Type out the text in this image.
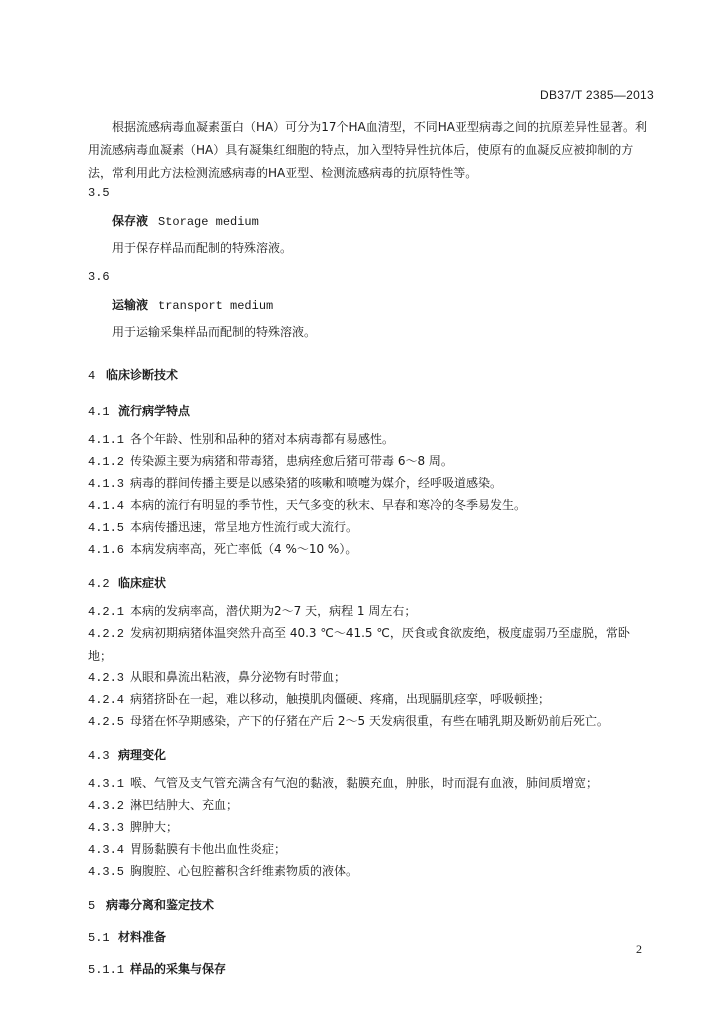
DB37/T 2385—2013
根据流感病毒血凝素蛋白（HA）可分为17个HA血清型，不同HA亚型病毒之间的抗原差异性显著。利
用流感病毒血凝素（HA）具有凝集红细胞的特点，加入型特异性抗体后，使原有的血凝反应被抑制的方
法，常利用此方法检测流感病毒的HA亚型、检测流感病毒的抗原特性等。
3.5
保存液 Storage medium
用于保存样品而配制的特殊溶液。
3.6
运输液 transport medium
用于运输采集样品而配制的特殊溶液。
4 临床诊断技术
4.1 流行病学特点
4.1.1 各个年龄、性别和品种的猪对本病毒都有易感性。
4.1.2 传染源主要为病猪和带毒猪，患病痊愈后猪可带毒 6～8 周。
4.1.3 病毒的群间传播主要是以感染猪的咳嗽和喷嚏为媒介，经呼吸道感染。
4.1.4 本病的流行有明显的季节性，天气多变的秋末、早春和寒冷的冬季易发生。
4.1.5 本病传播迅速，常呈地方性流行或大流行。
4.1.6 本病发病率高，死亡率低（4 %～10 %）。
4.2 临床症状
4.2.1 本病的发病率高，潜伏期为2～7 天，病程 1 周左右；
4.2.2 发病初期病猪体温突然升高至 40.3 ℃～41.5 ℃，厌食或食欲废绝，极度虚弱乃至虚脱，常卧
地；
4.2.3 从眼和鼻流出粘液，鼻分泌物有时带血；
4.2.4 病猪挤卧在一起，难以移动，触摸肌肉僵硬、疼痛，出现膈肌痉挛，呼吸顿挫；
4.2.5 母猪在怀孕期感染，产下的仔猪在产后 2～5 天发病很重，有些在哺乳期及断奶前后死亡。
4.3 病理变化
4.3.1 喉、气管及支气管充满含有气泡的黏液，黏膜充血，肿胀，时而混有血液，肺间质增宽；
4.3.2 淋巴结肿大、充血；
4.3.3 脾肿大；
4.3.4 胃肠黏膜有卡他出血性炎症；
4.3.5 胸腹腔、心包腔蓄积含纤维素物质的液体。
5 病毒分离和鉴定技术
5.1 材料准备
5.1.1 样品的采集与保存
2
